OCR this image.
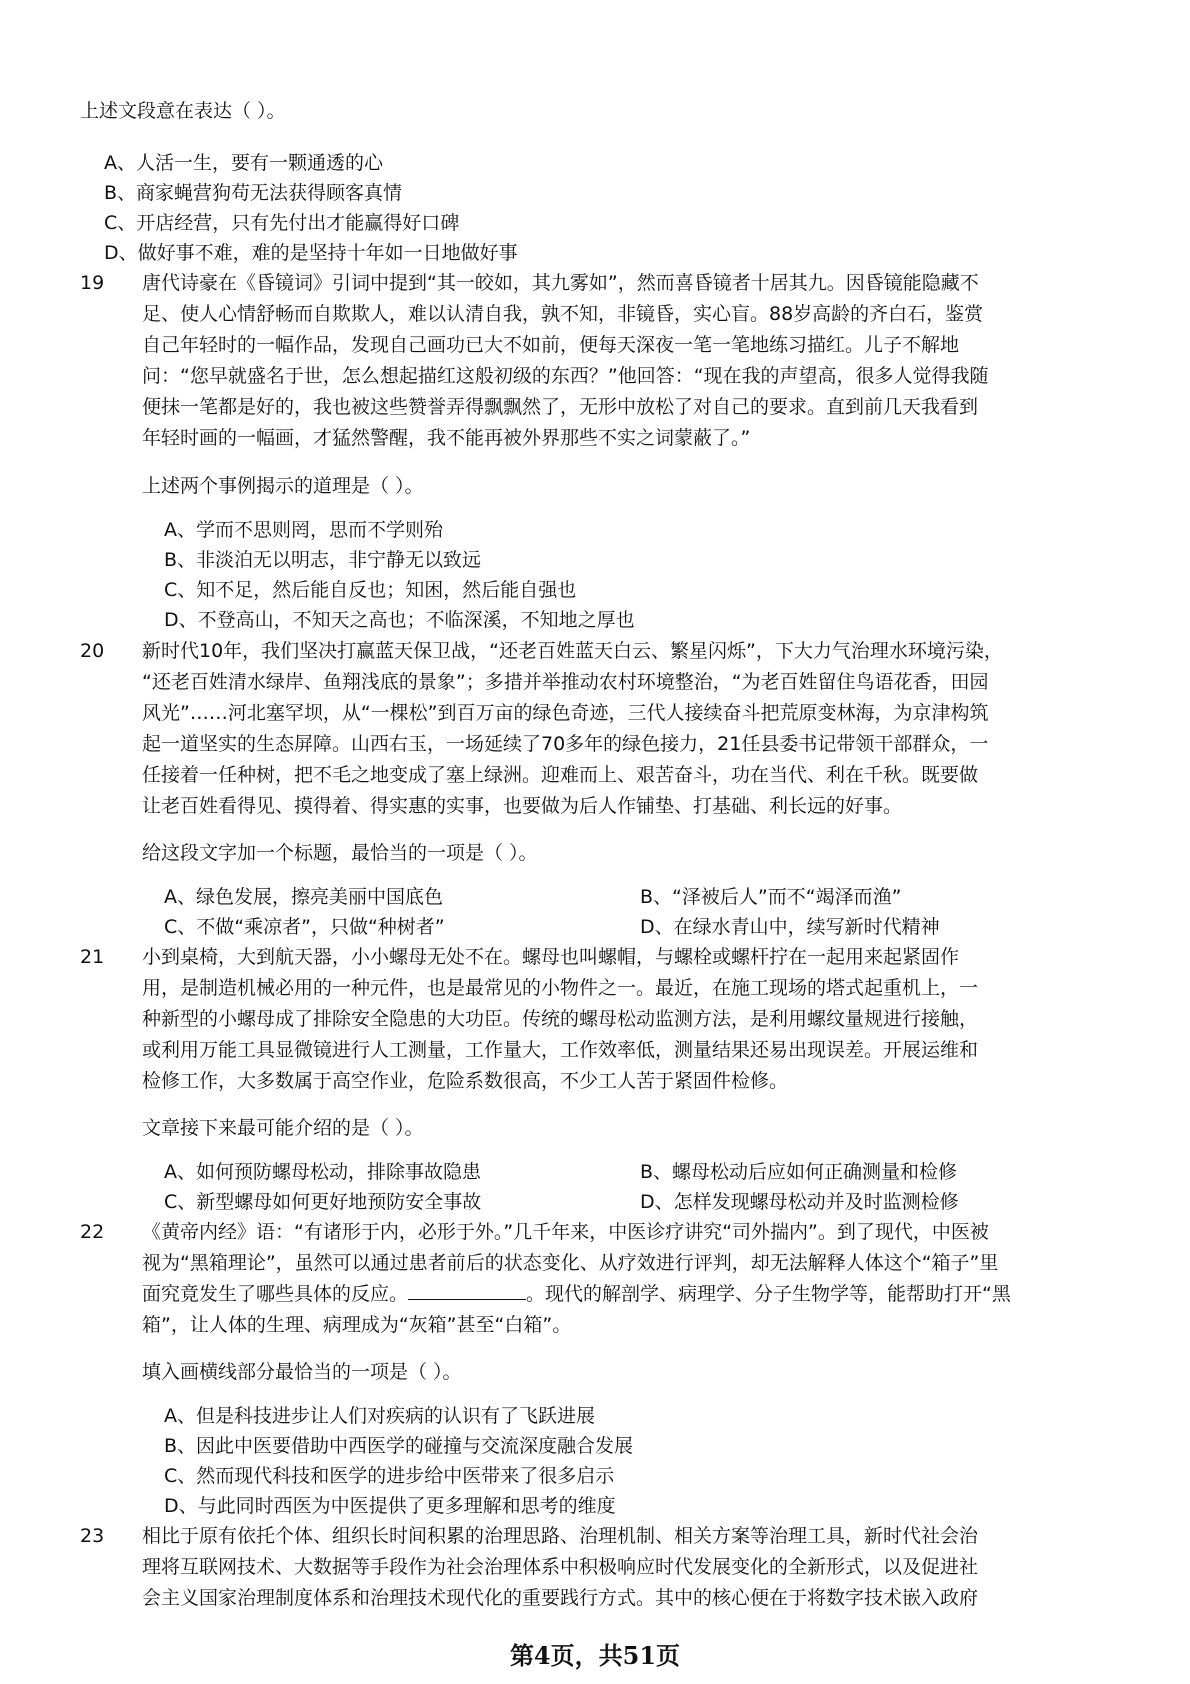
上述文段意在表达（ ）。
A、人活一生，要有一颗通透的心
B、商家蝇营狗苟无法获得顾客真情
C、开店经营，只有先付出才能赢得好口碑
D、做好事不难，难的是坚持十年如一日地做好事
19 唐代诗豪在《昏镜词》引词中提到“其一皎如，其九雾如”，然而喜昏镜者十居其九。因昏镜能隐藏不
足、使人心情舒畅而自欺欺人，难以认清自我，孰不知，非镜昏，实心盲。88岁高龄的齐白石，鉴赏
自己年轻时的一幅作品，发现自己画功已大不如前，便每天深夜一笔一笔地练习描红。儿子不解地
问：“您早就盛名于世，怎么想起描红这般初级的东西？”他回答：“现在我的声望高，很多人觉得我随
便抹一笔都是好的，我也被这些赞誉弄得飘飘然了，无形中放松了对自己的要求。直到前几天我看到
年轻时画的一幅画，才猛然警醒，我不能再被外界那些不实之词蒙蔽了。”
上述两个事例揭示的道理是（ ）。
A、学而不思则罔，思而不学则殆
B、非淡泊无以明志，非宁静无以致远
C、知不足，然后能自反也；知困，然后能自强也
D、不登高山，不知天之高也；不临深溪，不知地之厚也
20 新时代10年，我们坚决打赢蓝天保卫战，“还老百姓蓝天白云、繁星闪烁”，下大力气治理水环境污染，
“还老百姓清水绿岸、鱼翔浅底的景象”；多措并举推动农村环境整治，“为老百姓留住鸟语花香，田园
风光”……河北塞罕坝，从“一棵松”到百万亩的绿色奇迹，三代人接续奋斗把荒原变林海，为京津构筑
起一道坚实的生态屏障。山西右玉，一场延续了70多年的绿色接力，21任县委书记带领干部群众，一
任接着一任种树，把不毛之地变成了塞上绿洲。迎难而上、艰苦奋斗，功在当代、利在千秋。既要做
让老百姓看得见、摸得着、得实惠的实事，也要做为后人作铺垫、打基础、利长远的好事。
给这段文字加一个标题，最恰当的一项是（ ）。
A、绿色发展，擦亮美丽中国底色	B、“泽被后人”而不“竭泽而渔”
C、不做“乘凉者”，只做“种树者”	D、在绿水青山中，续写新时代精神
21 小到桌椅，大到航天器，小小螺母无处不在。螺母也叫螺帽，与螺栓或螺杆拧在一起用来起紧固作
用，是制造机械必用的一种元件，也是最常见的小物件之一。最近，在施工现场的塔式起重机上，一
种新型的小螺母成了排除安全隐患的大功臣。传统的螺母松动监测方法，是利用螺纹量规进行接触，
或利用万能工具显微镜进行人工测量，工作量大，工作效率低，测量结果还易出现误差。开展运维和
检修工作，大多数属于高空作业，危险系数很高，不少工人苦于紧固件检修。
文章接下来最可能介绍的是（ ）。
A、如何预防螺母松动，排除事故隐患	B、螺母松动后应如何正确测量和检修
C、新型螺母如何更好地预防安全事故	D、怎样发现螺母松动并及时监测检修
22 《黄帝内经》语：“有诸形于内，必形于外。”几千年来，中医诊疗讲究“司外揣内”。到了现代，中医被
视为“黑箱理论”，虽然可以通过患者前后的状态变化、从疗效进行评判，却无法解释人体这个“箱子”里
面究竟发生了哪些具体的反应。	。现代的解剖学、病理学、分子生物学等，能帮助打开“黑
箱”，让人体的生理、病理成为“灰箱”甚至“白箱”。
填入画横线部分最恰当的一项是（ ）。
A、但是科技进步让人们对疾病的认识有了飞跃进展
B、因此中医要借助中西医学的碰撞与交流深度融合发展
C、然而现代科技和医学的进步给中医带来了很多启示
D、与此同时西医为中医提供了更多理解和思考的维度
23 相比于原有依托个体、组织长时间积累的治理思路、治理机制、相关方案等治理工具，新时代社会治
理将互联网技术、大数据等手段作为社会治理体系中积极响应时代发展变化的全新形式，以及促进社
会主义国家治理制度体系和治理技术现代化的重要践行方式。其中的核心便在于将数字技术嵌入政府
第4页，共51页
